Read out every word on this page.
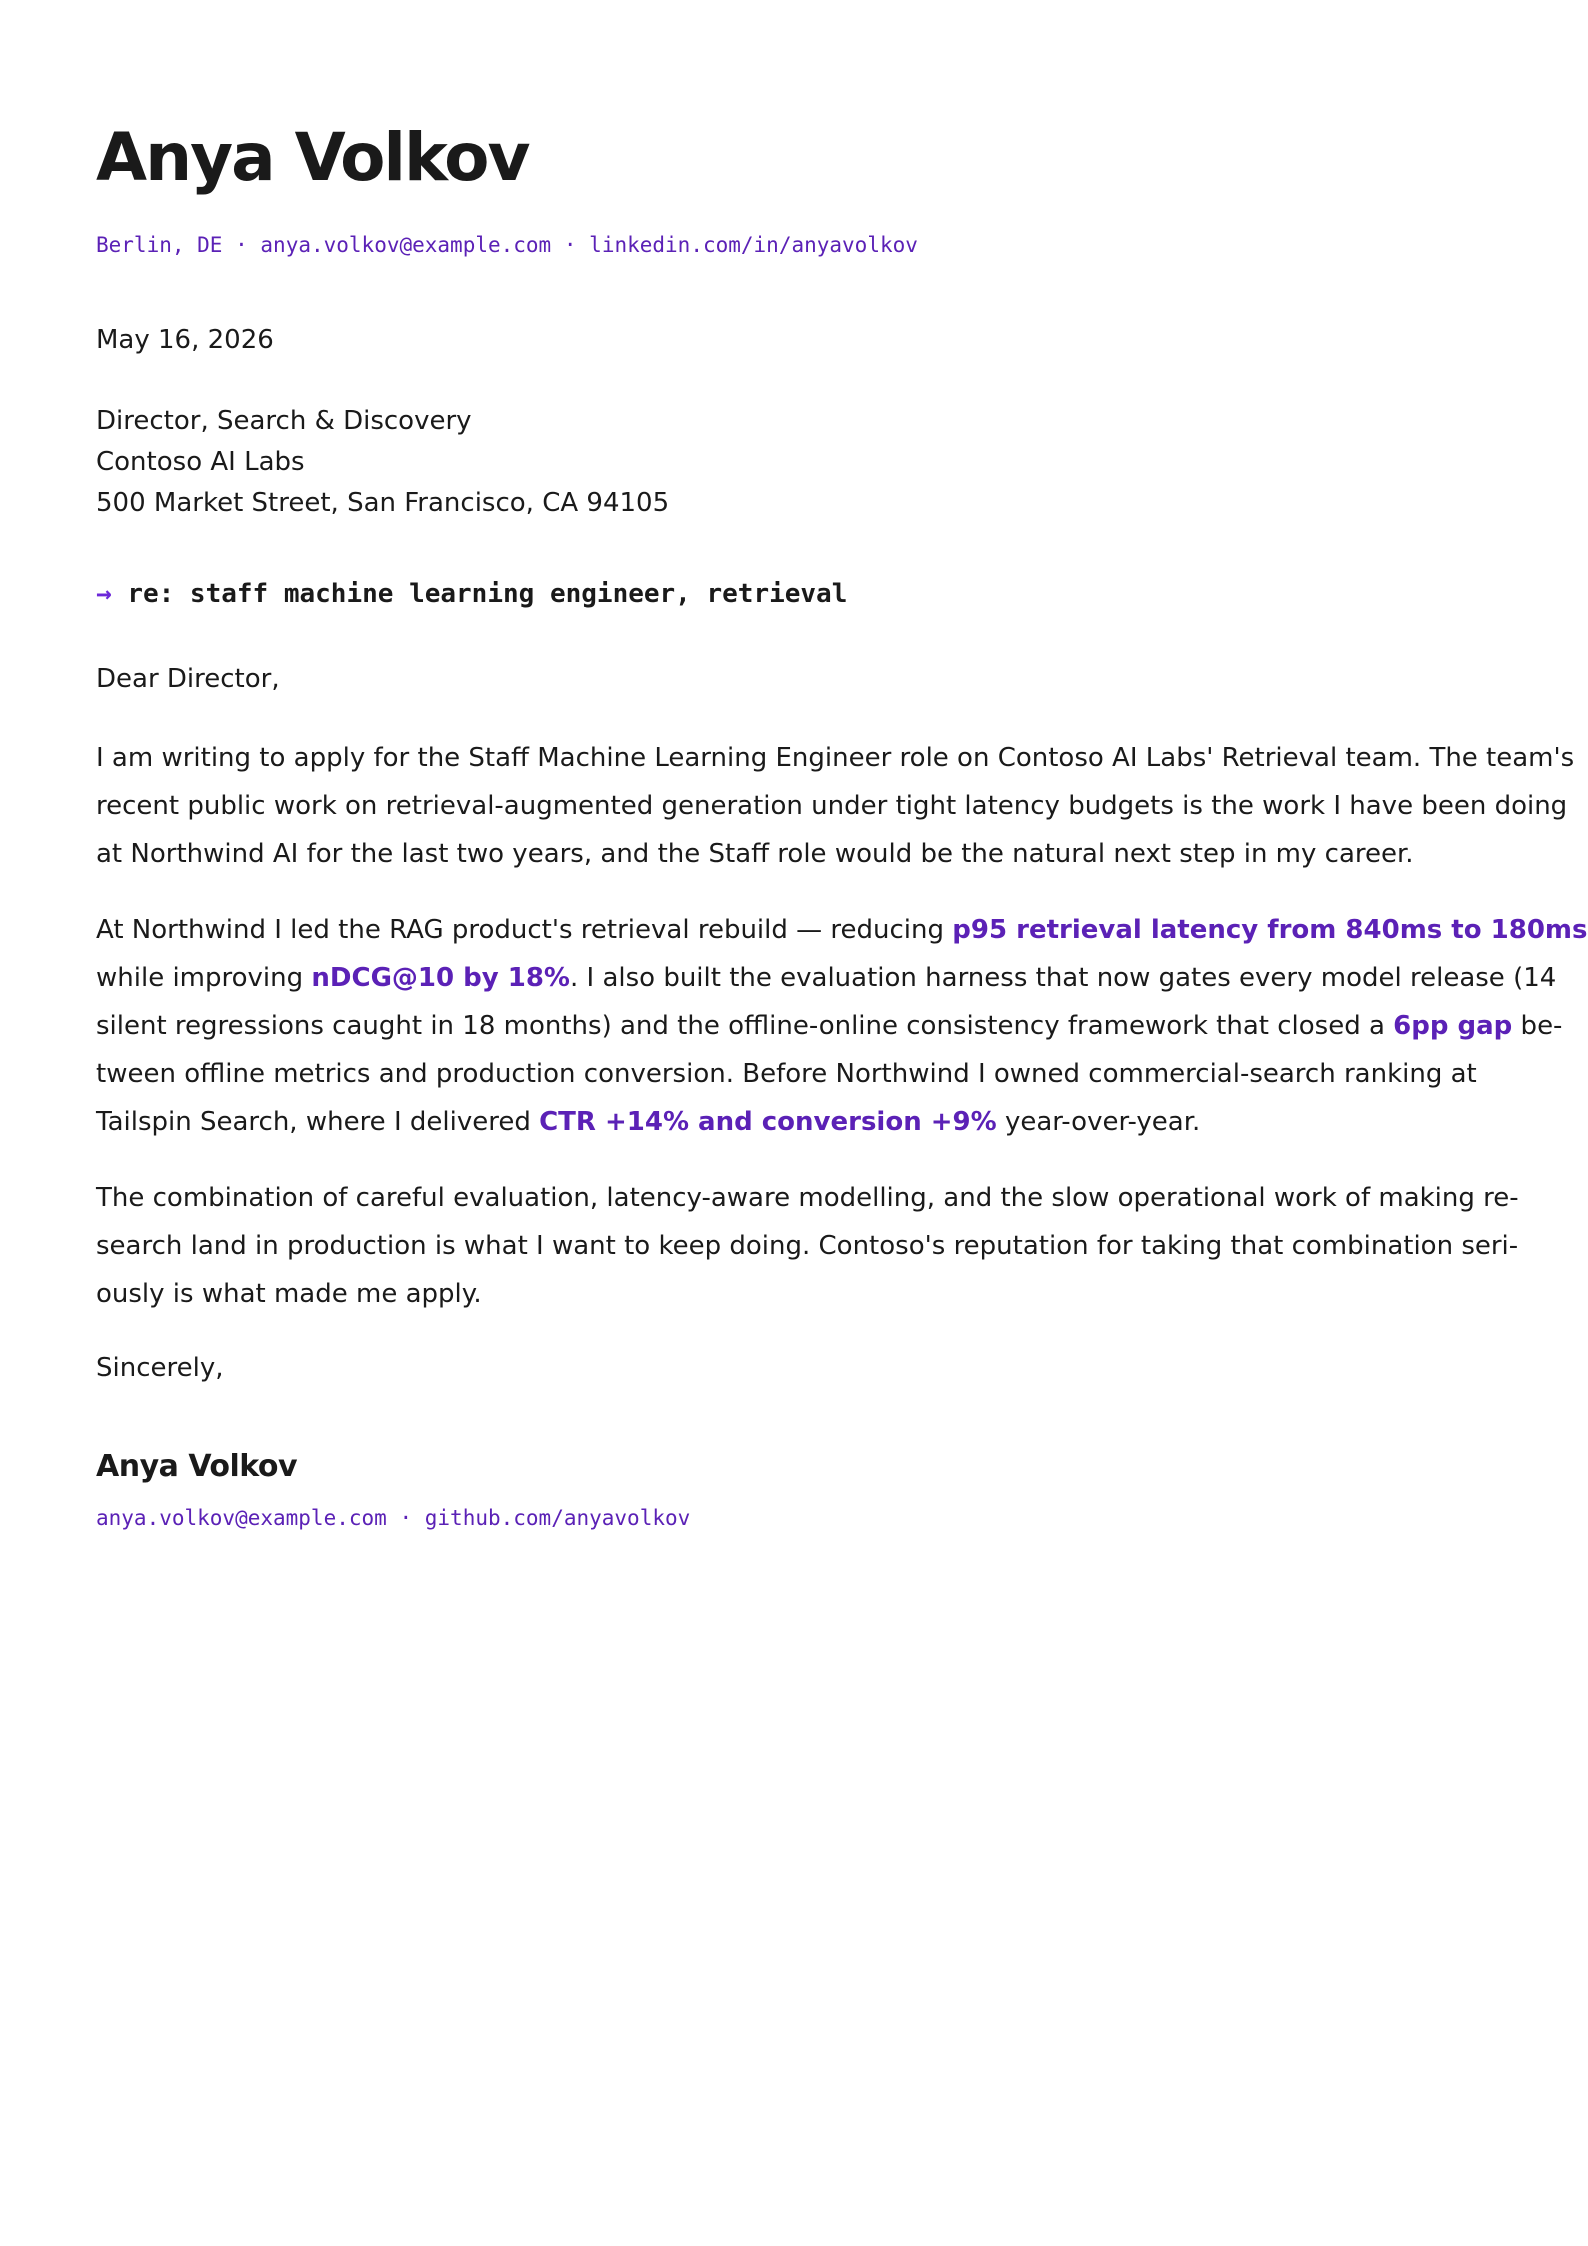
Anya Volkov
Berlin, DE · anya.volkov@example.com · linkedin.com/in/anyavolkov
May 16, 2026
Director, Search & Discovery
Contoso AI Labs
500 Market Street, San Francisco, CA 94105
→ re: staff machine learning engineer, retrieval
Dear Director,
I am writing to apply for the Staff Machine Learning Engineer role on Contoso AI Labs' Retrieval team. The team's
recent public work on retrieval-augmented generation under tight latency budgets is the work I have been doing
at Northwind AI for the last two years, and the Staff role would be the natural next step in my career.
At Northwind I led the RAG product's retrieval rebuild — reducing p95 retrieval latency from 840ms to 180ms
while improving nDCG@10 by 18%. I also built the evaluation harness that now gates every model release (14
silent regressions caught in 18 months) and the offline-online consistency framework that closed a 6pp gap be-
tween offline metrics and production conversion. Before Northwind I owned commercial-search ranking at
Tailspin Search, where I delivered CTR +14% and conversion +9% year-over-year.
The combination of careful evaluation, latency-aware modelling, and the slow operational work of making re-
search land in production is what I want to keep doing. Contoso's reputation for taking that combination seri-
ously is what made me apply.
Sincerely,
Anya Volkov
anya.volkov@example.com · github.com/anyavolkov
